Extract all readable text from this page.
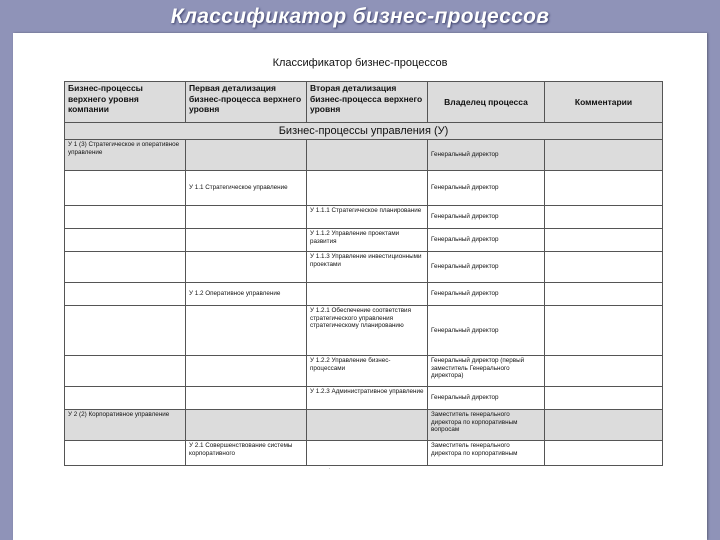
Классификатор бизнес-процессов
Классификатор бизнес-процессов
Бизнес-процессы верхнего уровня компании	Первая детализация бизнес-процесса верхнего уровня	Вторая детализация бизнес-процесса верхнего уровня	Владелец процесса	Комментарии
Бизнес-процессы управления (У)				
У 1 (3) Стратегическое и оперативное управление			Генеральный директор	
	У 1.1 Стратегическое управление		Генеральный директор	
		У 1.1.1 Стратегическое планирование	Генеральный директор	
		У 1.1.2 Управление проектами развития	Генеральный директор	
		У 1.1.3 Управление инвестиционными проектами	Генеральный директор	
	У 1.2 Оперативное управление		Генеральный директор	
		У 1.2.1 Обеспечение соответствия стратегического управления стратегическому планированию	Генеральный директор	
		У 1.2.2 Управление бизнес-процессами	Генеральный директор (первый заместитель Генерального директора)	
		У 1.2.3 Административное управление	Генеральный директор	
У 2 (2) Корпоративное управление			Заместитель генерального директора по корпоративным вопросам	
	У 2.1 Совершенствование системы корпоративного		Заместитель генерального директора по корпоративным	
.
